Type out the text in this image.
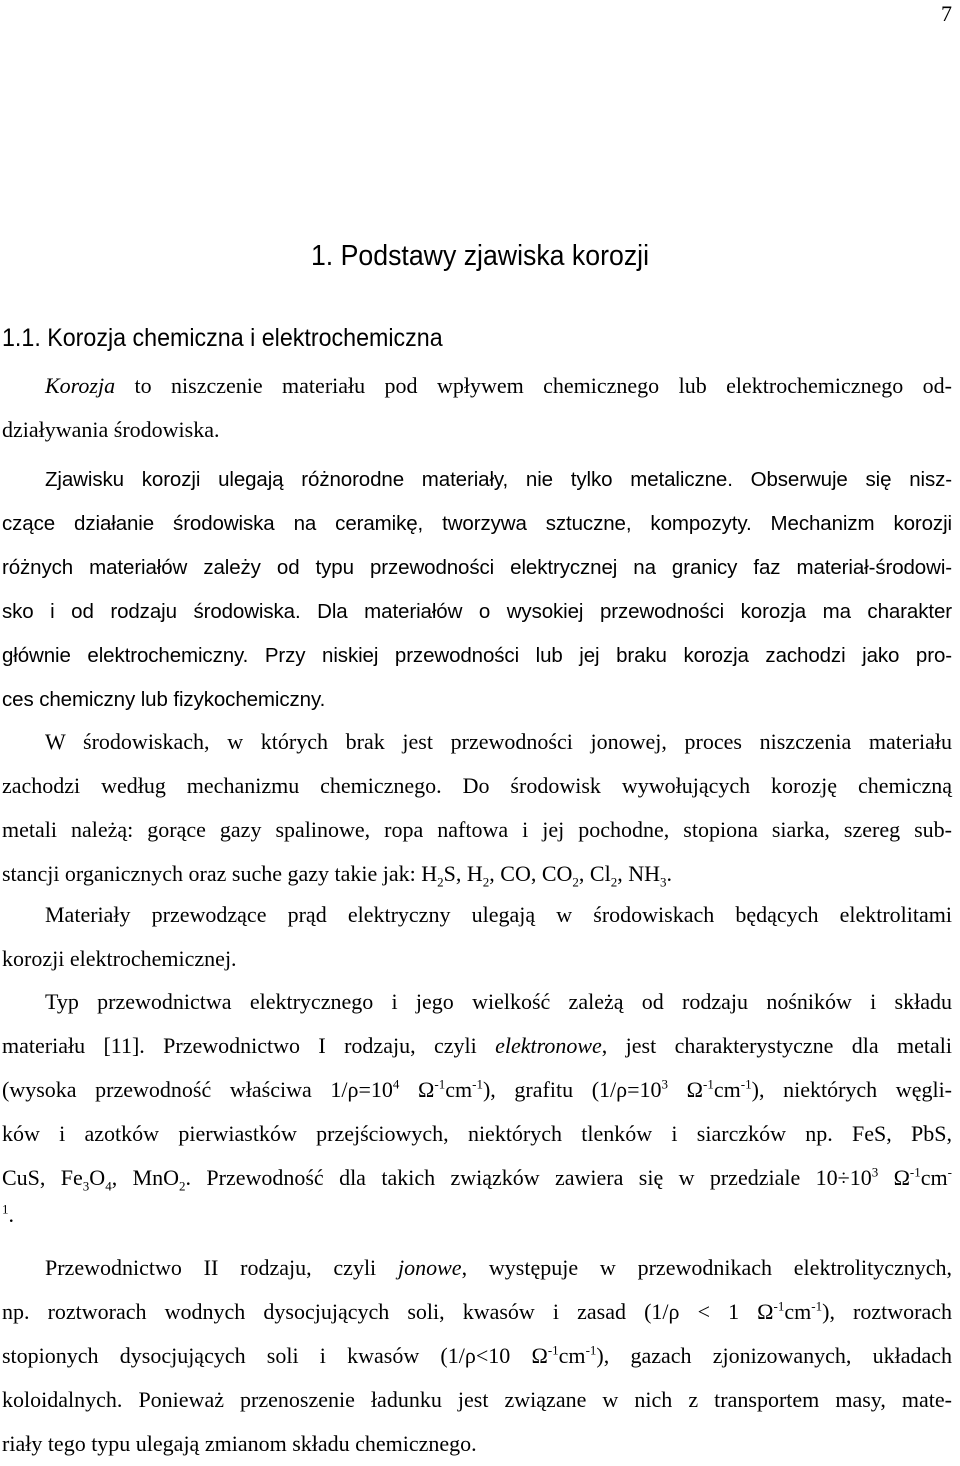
7
1. Podstawy zjawiska korozji
1.1. Korozja chemiczna i elektrochemiczna

Korozja to niszczenie materiału pod wpływem chemicznego lub elektrochemicznego od-
działywania środowiska.

Zjawisku korozji ulegają różnorodne materiały, nie tylko metaliczne. Obserwuje się nisz-
czące działanie środowiska na ceramikę, tworzywa sztuczne, kompozyty. Mechanizm korozji
różnych materiałów zależy od typu przewodności elektrycznej na granicy faz materiał-środowi-
sko i od rodzaju środowiska. Dla materiałów o wysokiej przewodności korozja ma charakter
głównie elektrochemiczny. Przy niskiej przewodności lub jej braku korozja zachodzi jako pro-
ces chemiczny lub fizykochemiczny.

W środowiskach, w których brak jest przewodności jonowej, proces niszczenia materiału
zachodzi według mechanizmu chemicznego. Do środowisk wywołujących korozję chemiczną
metali należą: gorące gazy spalinowe, ropa naftowa i jej pochodne, stopiona siarka, szereg sub-
stancji organicznych oraz suche gazy takie jak: $H_2S$, $H_2$, CO, $CO_2$, $Cl_2$, $NH_3$.

Materiały przewodzące prąd elektryczny ulegają w środowiskach będących elektrolitami
korozji elektrochemicznej.

Typ przewodnictwa elektrycznego i jego wielkość zależą od rodzaju nośników i składu
materiału [11]. Przewodnictwo I rodzaju, czyli elektronowe, jest charakterystyczne dla metali
(wysoka przewodność właściwa $1/\rho=10^4$ $\Omega^{-1}cm^{-1}$), grafitu ($1/\rho=10^3$ $\Omega^{-1}cm^{-1}$), niektórych węgli-
ków i azotków pierwiastków przejściowych, niektórych tlenków i siarczków np. FeS, PbS,
CuS, $Fe_3O_4$, MnO$_2$. Przewodność dla takich związków zawiera się w przedziale $10\div 10^3$ $\Omega^{-1}cm^-$
$^1$.

Przewodnictwo II rodzaju, czyli jonowe, występuje w przewodnikach elektrolitycznych,
np. roztworach wodnych dysocjujących soli, kwasów i zasad (1/ρ < 1 $\Omega^{-1}cm^{-1}$), roztworach
stopionych dysocjujących soli i kwasów (1/ρ<10 $\Omega^{-1}cm^{-1}$), gazach zjonizowanych, układach
koloidalnych. Ponieważ przenoszenie ładunku jest związane w nich z transportem masy, mate-
riały tego typu ulegają zmianom składu chemicznego.
